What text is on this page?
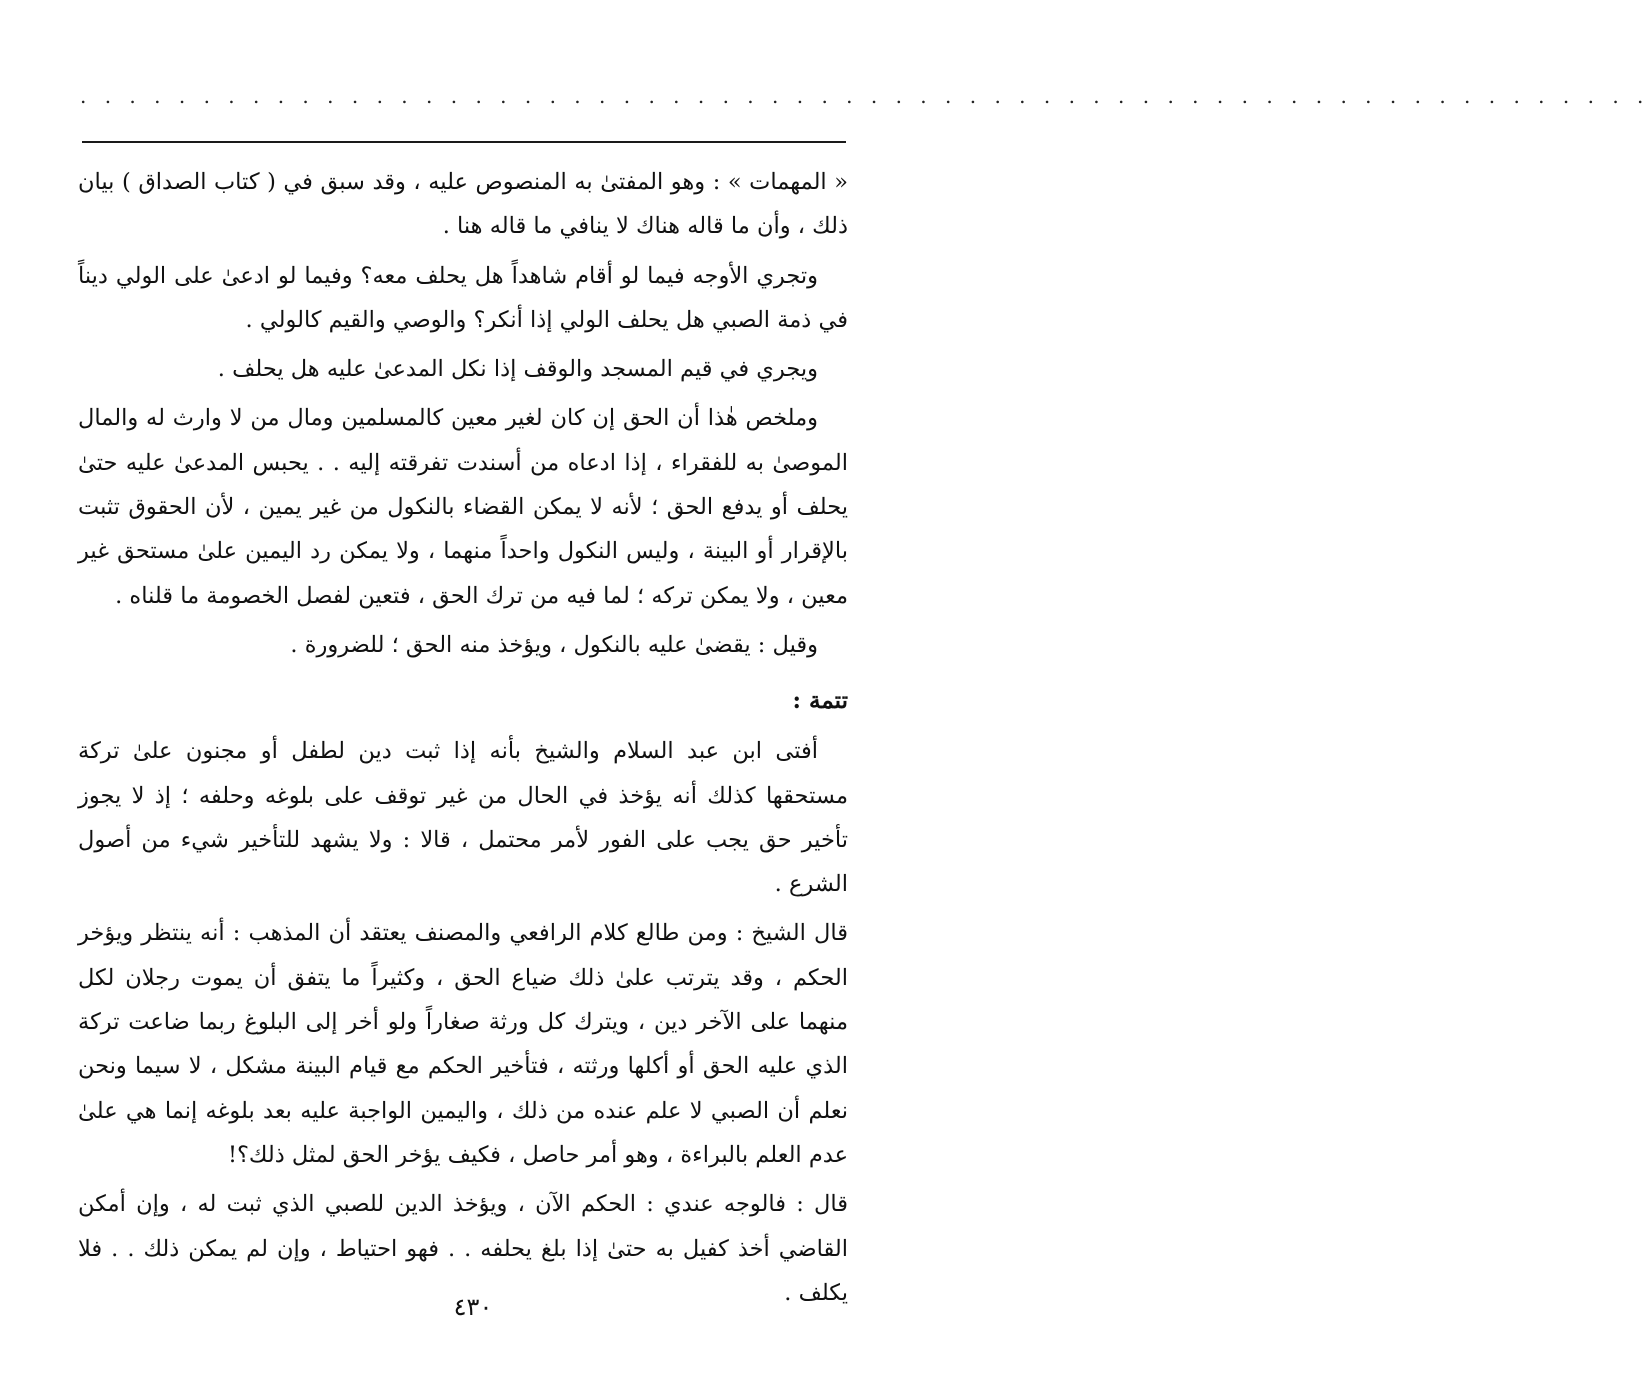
. . . . . . . . . . . . . . . . . . . . . . . . . . . . . . . . . . . . . . . . . . . . . . . . . . . . . . . . . . . . . . . .

« المهمات » : وهو المفتىٰ به المنصوص عليه ، وقد سبق في ( كتاب الصداق ) بيان ذلك ، وأن ما قاله هناك لا ينافي ما قاله هنا .

وتجري الأوجه فيما لو أقام شاهداً هل يحلف معه؟ وفيما لو ادعىٰ على الولي ديناً في ذمة الصبي هل يحلف الولي إذا أنكر؟ والوصي والقيم كالولي .

ويجري في قيم المسجد والوقف إذا نكل المدعىٰ عليه هل يحلف .

وملخص هٰذا أن الحق إن كان لغير معين كالمسلمين ومال من لا وارث له والمال الموصىٰ به للفقراء ، إذا ادعاه من أسندت تفرقته إليه . . يحبس المدعىٰ عليه حتىٰ يحلف أو يدفع الحق ؛ لأنه لا يمكن القضاء بالنكول من غير يمين ، لأن الحقوق تثبت بالإقرار أو البينة ، وليس النكول واحداً منهما ، ولا يمكن رد اليمين علىٰ مستحق غير معين ، ولا يمكن تركه ؛ لما فيه من ترك الحق ، فتعين لفصل الخصومة ما قلناه .

وقيل : يقضىٰ عليه بالنكول ، ويؤخذ منه الحق ؛ للضرورة .

تتمة :

أفتى ابن عبد السلام والشيخ بأنه إذا ثبت دين لطفل أو مجنون علىٰ تركة مستحقها كذلك أنه يؤخذ في الحال من غير توقف على بلوغه وحلفه ؛ إذ لا يجوز تأخير حق يجب على الفور لأمر محتمل ، قالا : ولا يشهد للتأخير شيء من أصول الشرع .

قال الشيخ : ومن طالع كلام الرافعي والمصنف يعتقد أن المذهب : أنه ينتظر ويؤخر الحكم ، وقد يترتب علىٰ ذلك ضياع الحق ، وكثيراً ما يتفق أن يموت رجلان لكل منهما على الآخر دين ، ويترك كل ورثة صغاراً ولو أخر إلى البلوغ ربما ضاعت تركة الذي عليه الحق أو أكلها ورثته ، فتأخير الحكم مع قيام البينة مشكل ، لا سيما ونحن نعلم أن الصبي لا علم عنده من ذلك ، واليمين الواجبة عليه بعد بلوغه إنما هي علىٰ عدم العلم بالبراءة ، وهو أمر حاصل ، فكيف يؤخر الحق لمثل ذلك؟!

قال : فالوجه عندي : الحكم الآن ، ويؤخذ الدين للصبي الذي ثبت له ، وإن أمكن القاضي أخذ كفيل به حتىٰ إذا بلغ يحلفه . . فهو احتياط ، وإن لم يمكن ذلك . . فلا يكلف .

٤٣٠
